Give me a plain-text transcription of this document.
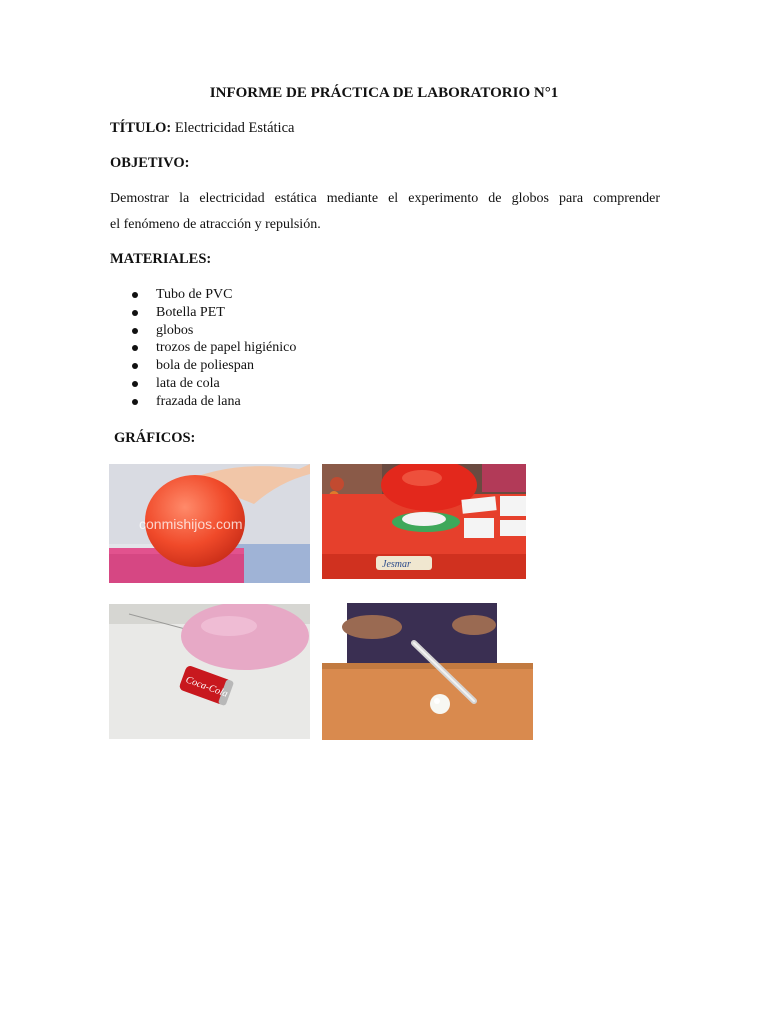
INFORME DE PRÁCTICA DE LABORATORIO N°1
TÍTULO: Electricidad Estática
OBJETIVO:
Demostrar la electricidad estática mediante el experimento de globos para comprender
el fenómeno de atracción y repulsión.
MATERIALES:
Tubo de PVC
Botella PET
globos
trozos de papel higiénico
bola de poliespan
lata de cola
frazada de lana
GRÁFICOS:
conmishijos.com
Jesmar
Coca-Cola
